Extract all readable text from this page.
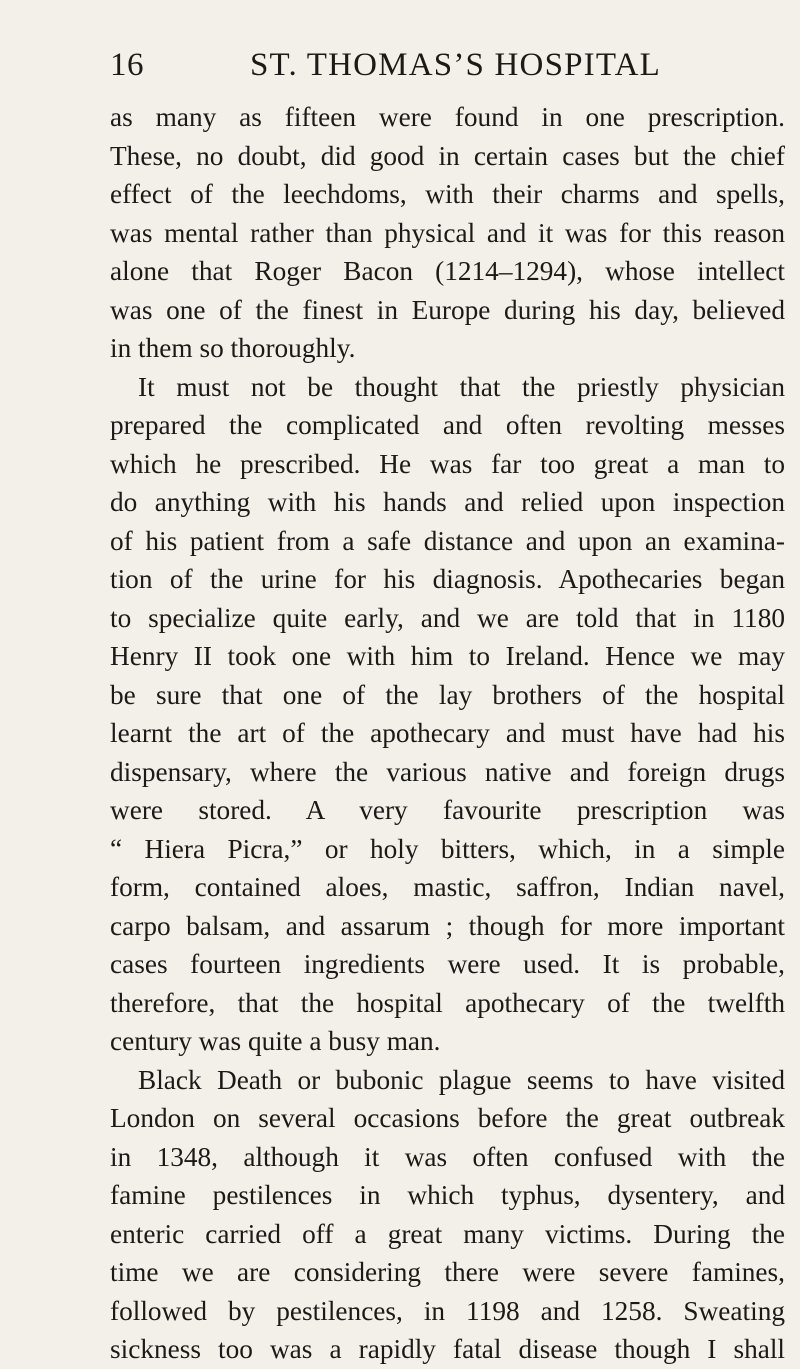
16	ST. THOMAS’S HOSPITAL
as many as fifteen were found in one prescription.
These, no doubt, did good in certain cases but the chief
effect of the leechdoms, with their charms and spells,
was mental rather than physical and it was for this reason
alone that Roger Bacon (1214–1294), whose intellect
was one of the finest in Europe during his day, believed
in them so thoroughly.
It must not be thought that the priestly physician
prepared the complicated and often revolting messes
which he prescribed. He was far too great a man to
do anything with his hands and relied upon inspection
of his patient from a safe distance and upon an examina-
tion of the urine for his diagnosis. Apothecaries began
to specialize quite early, and we are told that in 1180
Henry II took one with him to Ireland. Hence we may
be sure that one of the lay brothers of the hospital
learnt the art of the apothecary and must have had his
dispensary, where the various native and foreign drugs
were stored. A very favourite prescription was
“ Hiera Picra,” or holy bitters, which, in a simple
form, contained aloes, mastic, saffron, Indian navel,
carpo balsam, and assarum ; though for more important
cases fourteen ingredients were used. It is probable,
therefore, that the hospital apothecary of the twelfth
century was quite a busy man.
Black Death or bubonic plague seems to have visited
London on several occasions before the great outbreak
in 1348, although it was often confused with the
famine pestilences in which typhus, dysentery, and
enteric carried off a great many victims. During the
time we are considering there were severe famines,
followed by pestilences, in 1198 and 1258. Sweating
sickness too was a rapidly fatal disease though I shall
